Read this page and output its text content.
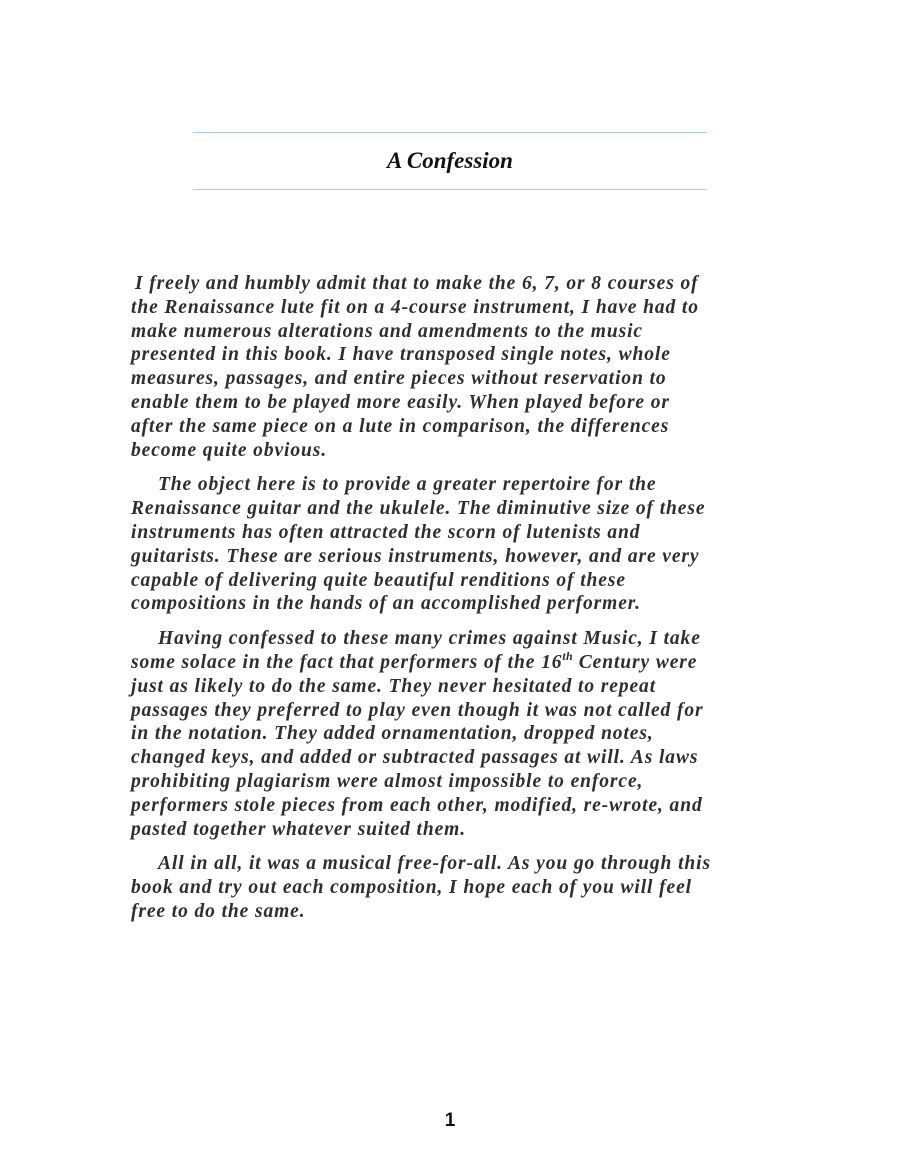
A Confession

I freely and humbly admit that to make the 6, 7, or 8 courses of
the Renaissance lute fit on a 4-course instrument, I have had to
make numerous alterations and amendments to the music
presented in this book. I have transposed single notes, whole
measures, passages, and entire pieces without reservation to
enable them to be played more easily. When played before or
after the same piece on a lute in comparison, the differences
become quite obvious.

The object here is to provide a greater repertoire for the
Renaissance guitar and the ukulele. The diminutive size of these
instruments has often attracted the scorn of lutenists and
guitarists. These are serious instruments, however, and are very
capable of delivering quite beautiful renditions of these
compositions in the hands of an accomplished performer.

Having confessed to these many crimes against Music, I take
some solace in the fact that performers of the 16th Century were
just as likely to do the same. They never hesitated to repeat
passages they preferred to play even though it was not called for
in the notation. They added ornamentation, dropped notes,
changed keys, and added or subtracted passages at will. As laws
prohibiting plagiarism were almost impossible to enforce,
performers stole pieces from each other, modified, re-wrote, and
pasted together whatever suited them.

All in all, it was a musical free-for-all. As you go through this
book and try out each composition, I hope each of you will feel
free to do the same.

1
